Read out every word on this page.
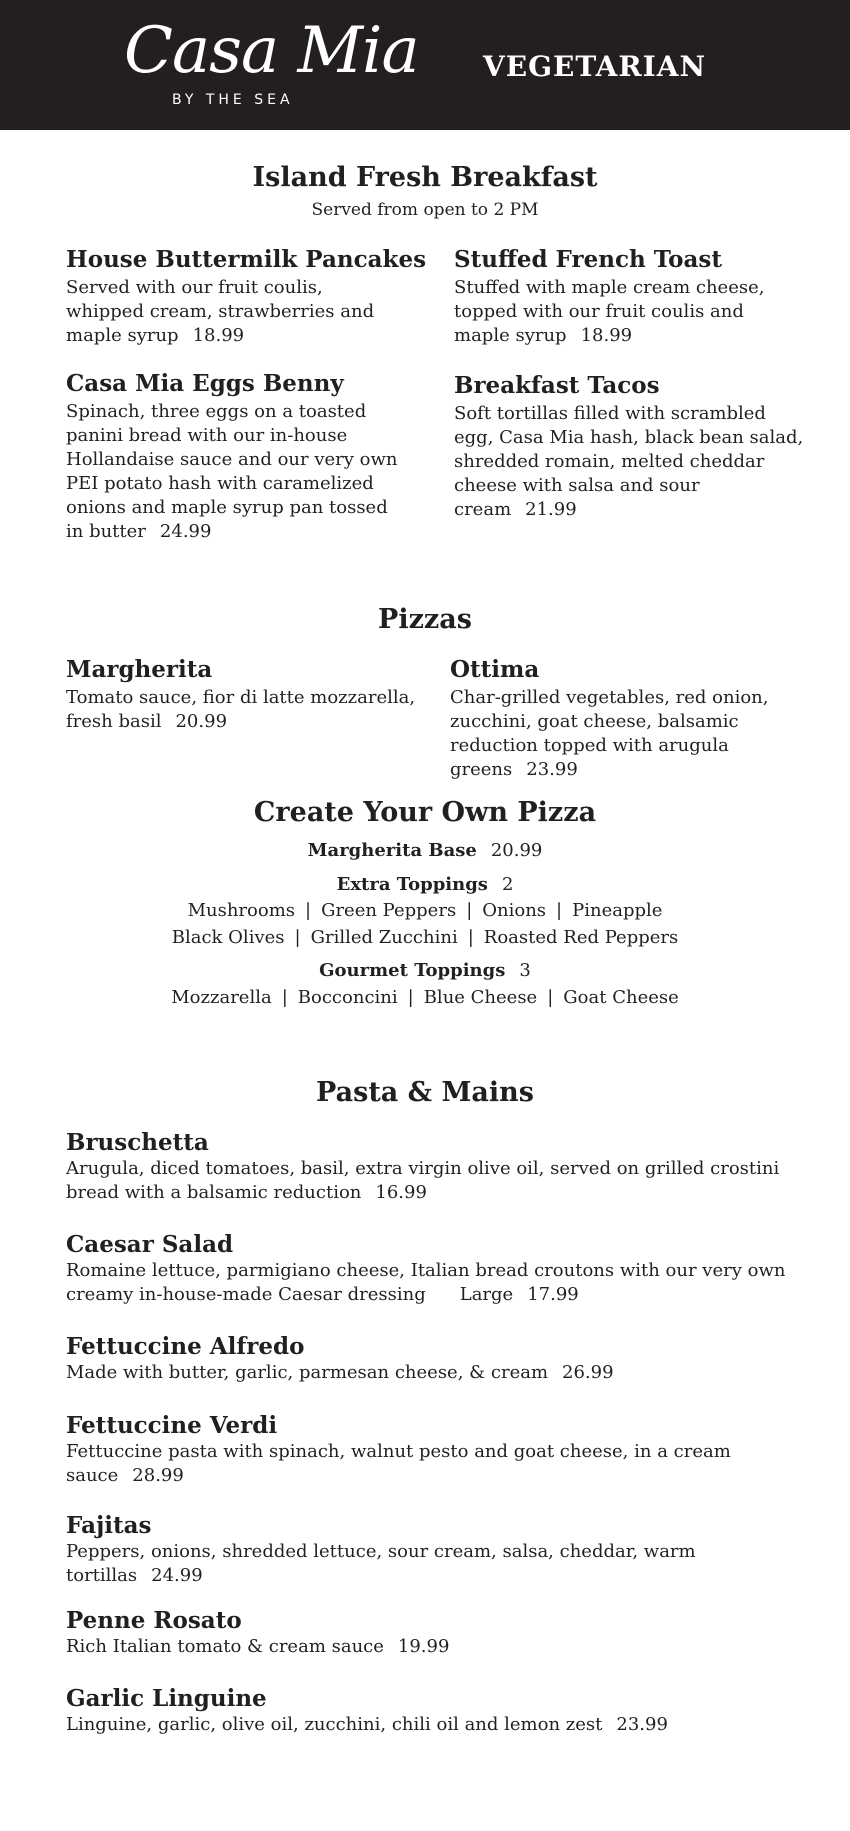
Casa Mia
BY THE SEA
VEGETARIAN
Island Fresh Breakfast
Served from open to 2 PM
House Buttermilk Pancakes
Served with our fruit coulis, whipped cream, strawberries and maple syrup 18.99
Stuffed French Toast
Stuffed with maple cream cheese, topped with our fruit coulis and maple syrup 18.99
Casa Mia Eggs Benny
Spinach, three eggs on a toasted panini bread with our in-house Hollandaise sauce and our very own PEI potato hash with caramelized onions and maple syrup pan tossed in butter 24.99
Breakfast Tacos
Soft tortillas filled with scrambled egg, Casa Mia hash, black bean salad, shredded romain, melted cheddar cheese with salsa and sour cream 21.99
Pizzas
Margherita
Tomato sauce, fior di latte mozzarella, fresh basil 20.99
Ottima
Char-grilled vegetables, red onion, zucchini, goat cheese, balsamic reduction topped with arugula greens 23.99
Create Your Own Pizza
Margherita Base 20.99
Extra Toppings 2
Mushrooms | Green Peppers | Onions | Pineapple
Black Olives | Grilled Zucchini | Roasted Red Peppers
Gourmet Toppings 3
Mozzarella | Bocconcini | Blue Cheese | Goat Cheese
Pasta & Mains
Bruschetta
Arugula, diced tomatoes, basil, extra virgin olive oil, served on grilled crostini bread with a balsamic reduction 16.99
Caesar Salad
Romaine lettuce, parmigiano cheese, Italian bread croutons with our very own creamy in-house-made Caesar dressing Large 17.99
Fettuccine Alfredo
Made with butter, garlic, parmesan cheese, & cream 26.99
Fettuccine Verdi
Fettuccine pasta with spinach, walnut pesto and goat cheese, in a cream sauce 28.99
Fajitas
Peppers, onions, shredded lettuce, sour cream, salsa, cheddar, warm tortillas 24.99
Penne Rosato
Rich Italian tomato & cream sauce 19.99
Garlic Linguine
Linguine, garlic, olive oil, zucchini, chili oil and lemon zest 23.99
